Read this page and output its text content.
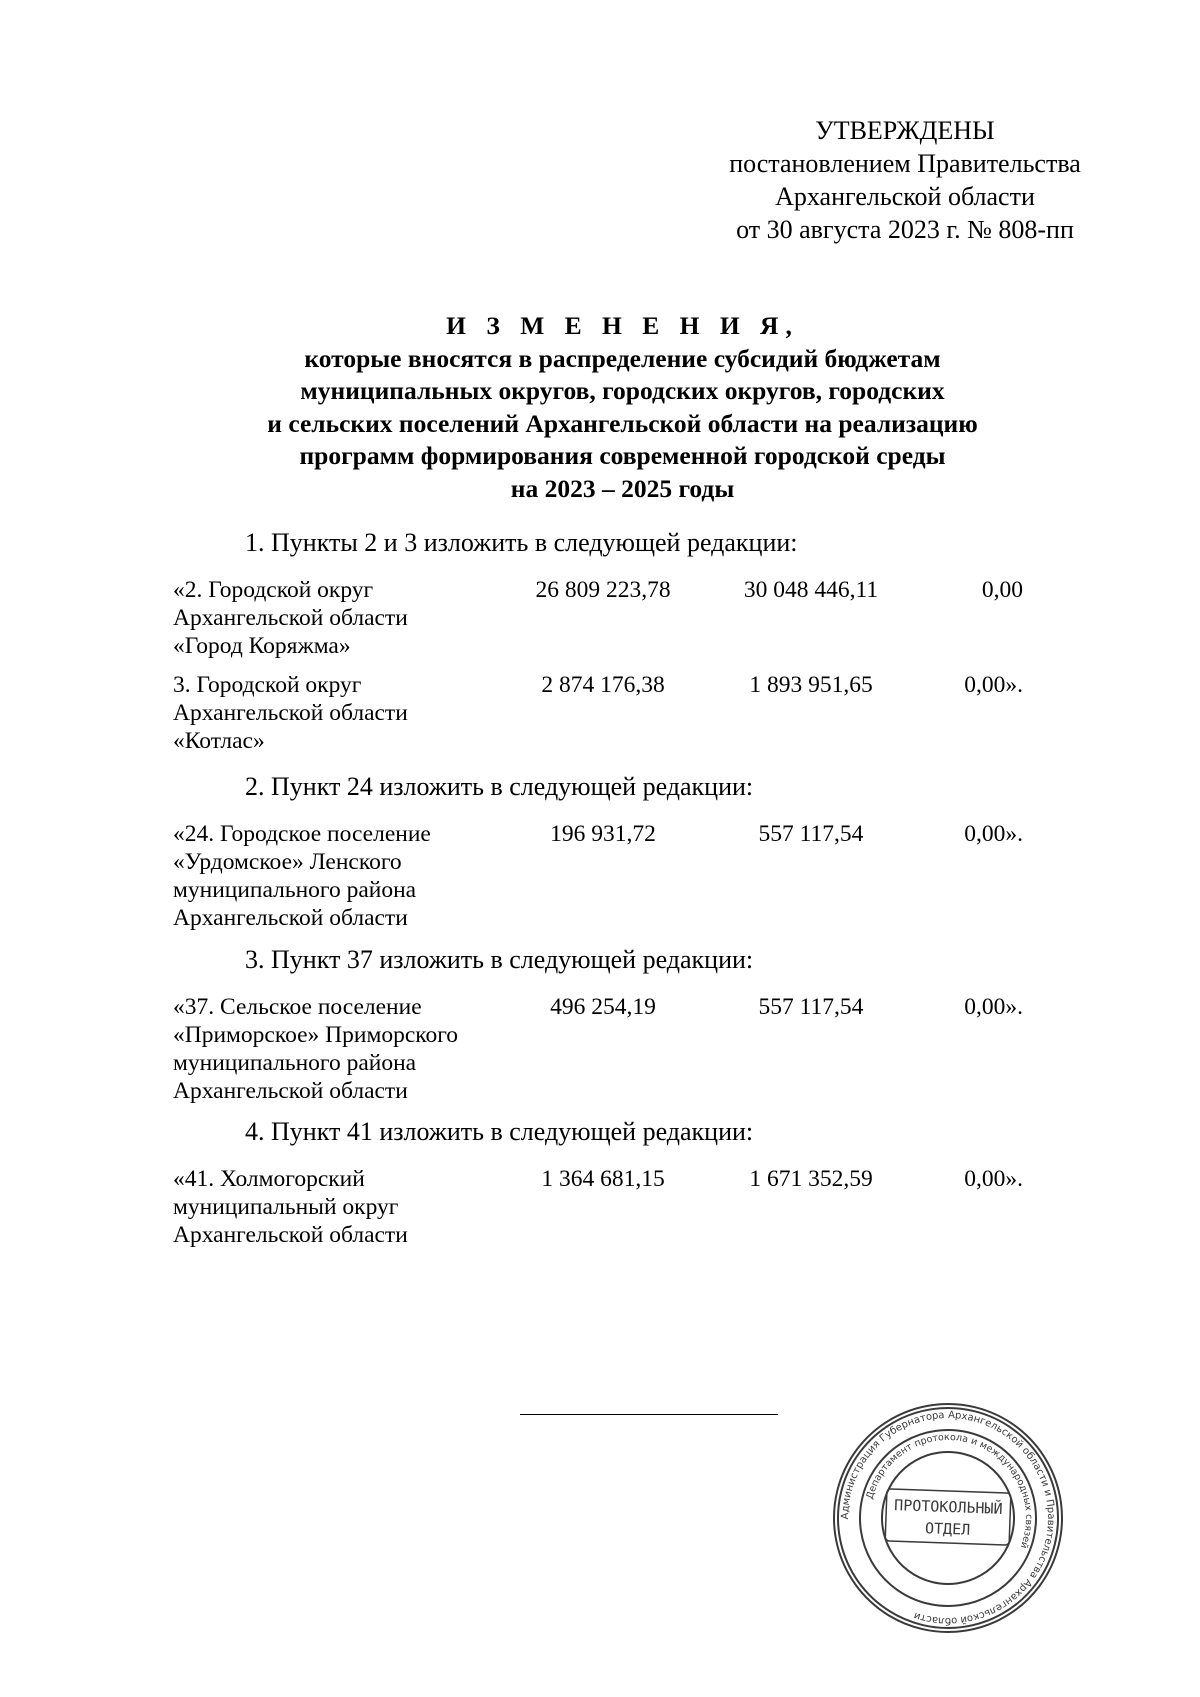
УТВЕРЖДЕНЫ
постановлением Правительства
Архангельской области
от 30 августа 2023 г. № 808-пп
И З М Е Н Е Н И Я,
которые вносятся в распределение субсидий бюджетам
муниципальных округов, городских округов, городских
и сельских поселений Архангельской области на реализацию
программ формирования современной городской среды
на 2023 – 2025 годы
1. Пункты 2 и 3 изложить в следующей редакции:
«2. Городской округ
Архангельской области
«Город Коряжма»
26 809 223,78	30 048 446,11	0,00
3. Городской округ
Архангельской области
«Котлас»
2 874 176,38	1 893 951,65	0,00».
2. Пункт 24 изложить в следующей редакции:
«24. Городское поселение
«Урдомское» Ленского
муниципального района
Архангельской области
196 931,72	557 117,54	0,00».
3. Пункт 37 изложить в следующей редакции:
«37. Сельское поселение
«Приморское» Приморского
муниципального района
Архангельской области
496 254,19	557 117,54	0,00».
4. Пункт 41 изложить в следующей редакции:
«41. Холмогорский
муниципальный округ
Архангельской области
1 364 681,15	1 671 352,59	0,00».
Администрация Губернатора Архангельской области и Правительства Архангельской области
Департамент протокола и международных связей
ПРОТОКОЛЬНЫЙ
ОТДЕЛ
